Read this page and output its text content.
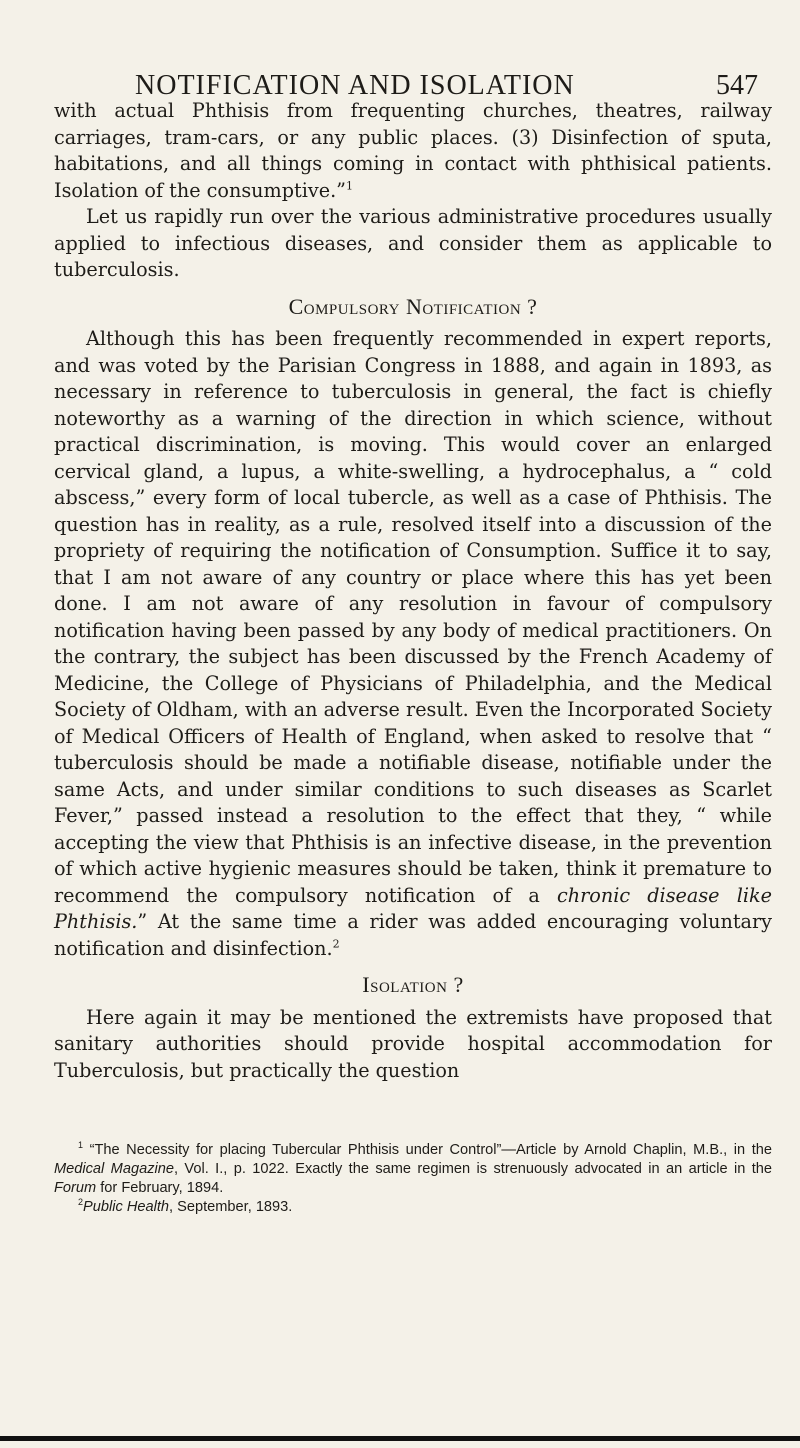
NOTIFICATION AND ISOLATION	547

with actual Phthisis from frequenting churches, theatres, railway carriages, tram-cars, or any public places. (3) Disinfection of sputa, habitations, and all things coming in contact with phthisical patients. Isolation of the consumptive.”$^1$

Let us rapidly run over the various administrative procedures usually applied to infectious diseases, and consider them as applicable to tuberculosis.

Compulsory Notification ?

Although this has been frequently recommended in expert reports, and was voted by the Parisian Congress in 1888, and again in 1893, as necessary in reference to tuberculosis in general, the fact is chiefly noteworthy as a warning of the direction in which science, without practical discrimination, is moving. This would cover an enlarged cervical gland, a lupus, a white-swelling, a hydrocephalus, a “ cold abscess,” every form of local tubercle, as well as a case of Phthisis. The question has in reality, as a rule, resolved itself into a discussion of the propriety of requiring the notification of Consumption. Suffice it to say, that I am not aware of any country or place where this has yet been done. I am not aware of any resolution in favour of compulsory notification having been passed by any body of medical practitioners. On the contrary, the subject has been discussed by the French Academy of Medicine, the College of Physicians of Philadelphia, and the Medical Society of Oldham, with an adverse result. Even the Incorporated Society of Medical Officers of Health of England, when asked to resolve that “ tuberculosis should be made a notifiable disease, notifiable under the same Acts, and under similar conditions to such diseases as Scarlet Fever,” passed instead a resolution to the effect that they, “ while accepting the view that Phthisis is an infective disease, in the prevention of which active hygienic measures should be taken, think it premature to recommend the compulsory notification of a chronic disease like Phthisis.” At the same time a rider was added encouraging voluntary notification and disinfection.$^2$

Isolation ?

Here again it may be mentioned the extremists have proposed that sanitary authorities should provide hospital accommodation for Tuberculosis, but practically the question

$^1$ “The Necessity for placing Tubercular Phthisis under Control”—Article by Arnold Chaplin, M.B., in the Medical Magazine, Vol. I., p. 1022. Exactly the same regimen is strenuously advocated in an article in the Forum for February, 1894.

$^2$Public Health, September, 1893.
